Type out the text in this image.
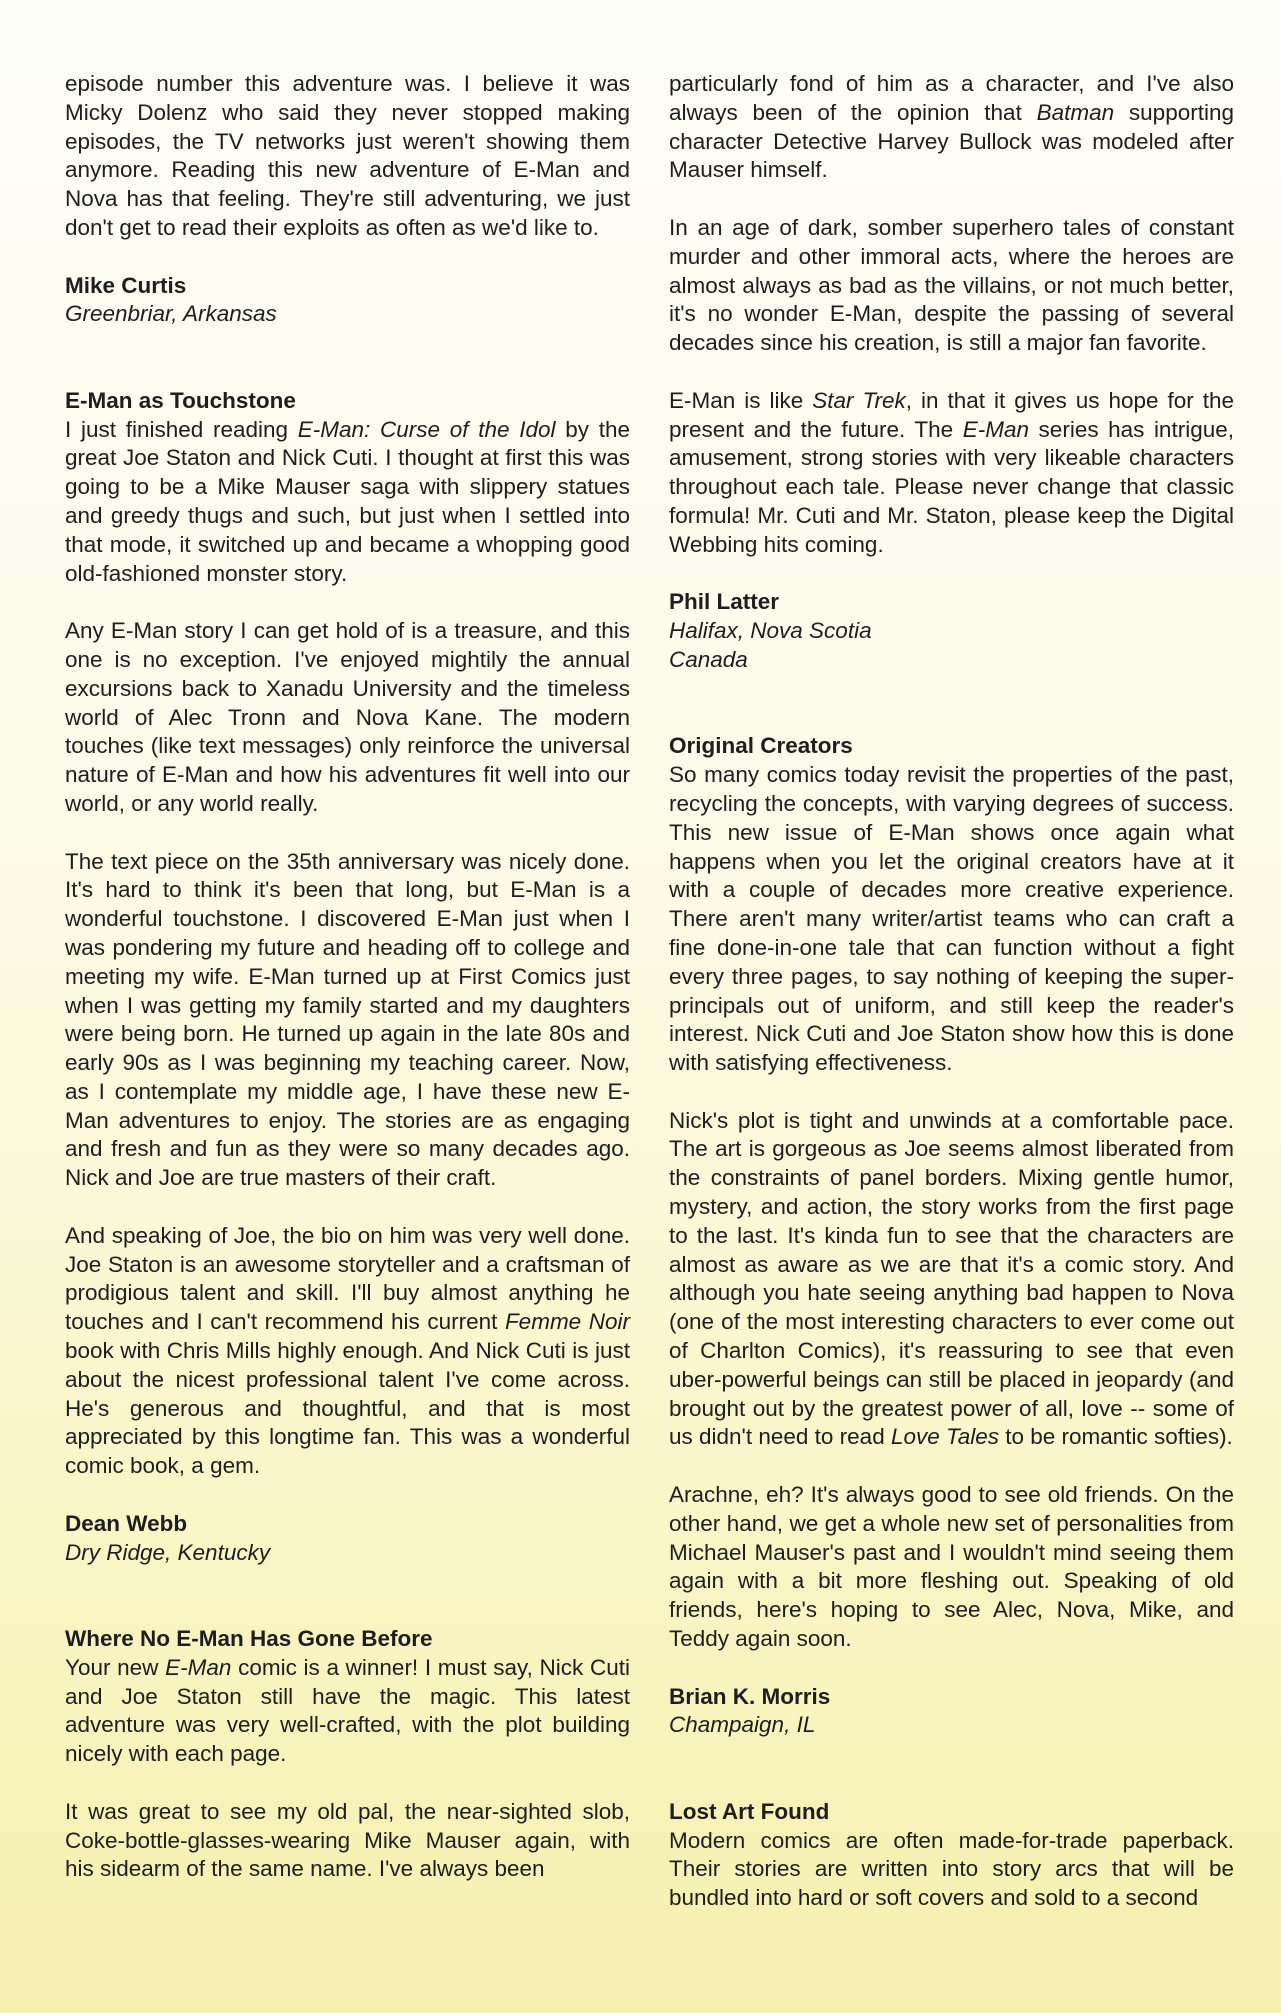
episode number this adventure was. I believe it was Micky Dolenz who said they never stopped making episodes, the TV networks just weren't showing them anymore. Reading this new adventure of E-Man and Nova has that feeling. They're still adventuring, we just don't get to read their exploits as often as we'd like to.

Mike Curtis
Greenbriar, Arkansas
E-Man as Touchstone

I just finished reading E-Man: Curse of the Idol by the great Joe Staton and Nick Cuti. I thought at first this was going to be a Mike Mauser saga with slippery statues and greedy thugs and such, but just when I settled into that mode, it switched up and became a whopping good old-fashioned monster story.

Any E-Man story I can get hold of is a treasure, and this one is no exception. I've enjoyed mightily the annual excursions back to Xanadu University and the timeless world of Alec Tronn and Nova Kane. The modern touches (like text messages) only reinforce the universal nature of E-Man and how his adventures fit well into our world, or any world really.

The text piece on the 35th anniversary was nicely done. It's hard to think it's been that long, but E-Man is a wonderful touchstone. I discovered E-Man just when I was pondering my future and heading off to college and meeting my wife. E-Man turned up at First Comics just when I was getting my family started and my daughters were being born. He turned up again in the late 80s and early 90s as I was beginning my teaching career. Now, as I contemplate my middle age, I have these new E-Man adventures to enjoy. The stories are as engaging and fresh and fun as they were so many decades ago. Nick and Joe are true masters of their craft.

And speaking of Joe, the bio on him was very well done. Joe Staton is an awesome storyteller and a craftsman of prodigious talent and skill. I'll buy almost anything he touches and I can't recommend his current Femme Noir book with Chris Mills highly enough. And Nick Cuti is just about the nicest professional talent I've come across. He's generous and thoughtful, and that is most appreciated by this longtime fan. This was a wonderful comic book, a gem.

Dean Webb
Dry Ridge, Kentucky
Where No E-Man Has Gone Before

Your new E-Man comic is a winner! I must say, Nick Cuti and Joe Staton still have the magic. This latest adventure was very well-crafted, with the plot building nicely with each page.

It was great to see my old pal, the near-sighted slob, Coke-bottle-glasses-wearing Mike Mauser again, with his sidearm of the same name. I've always been

particularly fond of him as a character, and I've also always been of the opinion that Batman supporting character Detective Harvey Bullock was modeled after Mauser himself.

In an age of dark, somber superhero tales of constant murder and other immoral acts, where the heroes are almost always as bad as the villains, or not much better, it's no wonder E-Man, despite the passing of several decades since his creation, is still a major fan favorite.

E-Man is like Star Trek, in that it gives us hope for the present and the future. The E-Man series has intrigue, amusement, strong stories with very likeable characters throughout each tale. Please never change that classic formula! Mr. Cuti and Mr. Staton, please keep the Digital Webbing hits coming.

Phil Latter
Halifax, Nova Scotia
Canada
Original Creators

So many comics today revisit the properties of the past, recycling the concepts, with varying degrees of success. This new issue of E-Man shows once again what happens when you let the original creators have at it with a couple of decades more creative experience. There aren't many writer/artist teams who can craft a fine done-in-one tale that can function without a fight every three pages, to say nothing of keeping the super-principals out of uniform, and still keep the reader's interest. Nick Cuti and Joe Staton show how this is done with satisfying effectiveness.

Nick's plot is tight and unwinds at a comfortable pace. The art is gorgeous as Joe seems almost liberated from the constraints of panel borders. Mixing gentle humor, mystery, and action, the story works from the first page to the last. It's kinda fun to see that the characters are almost as aware as we are that it's a comic story. And although you hate seeing anything bad happen to Nova (one of the most interesting characters to ever come out of Charlton Comics), it's reassuring to see that even uber-powerful beings can still be placed in jeopardy (and brought out by the greatest power of all, love -- some of us didn't need to read Love Tales to be romantic softies).

Arachne, eh? It's always good to see old friends. On the other hand, we get a whole new set of personalities from Michael Mauser's past and I wouldn't mind seeing them again with a bit more fleshing out. Speaking of old friends, here's hoping to see Alec, Nova, Mike, and Teddy again soon.

Brian K. Morris
Champaign, IL
Lost Art Found

Modern comics are often made-for-trade paperback. Their stories are written into story arcs that will be bundled into hard or soft covers and sold to a second
